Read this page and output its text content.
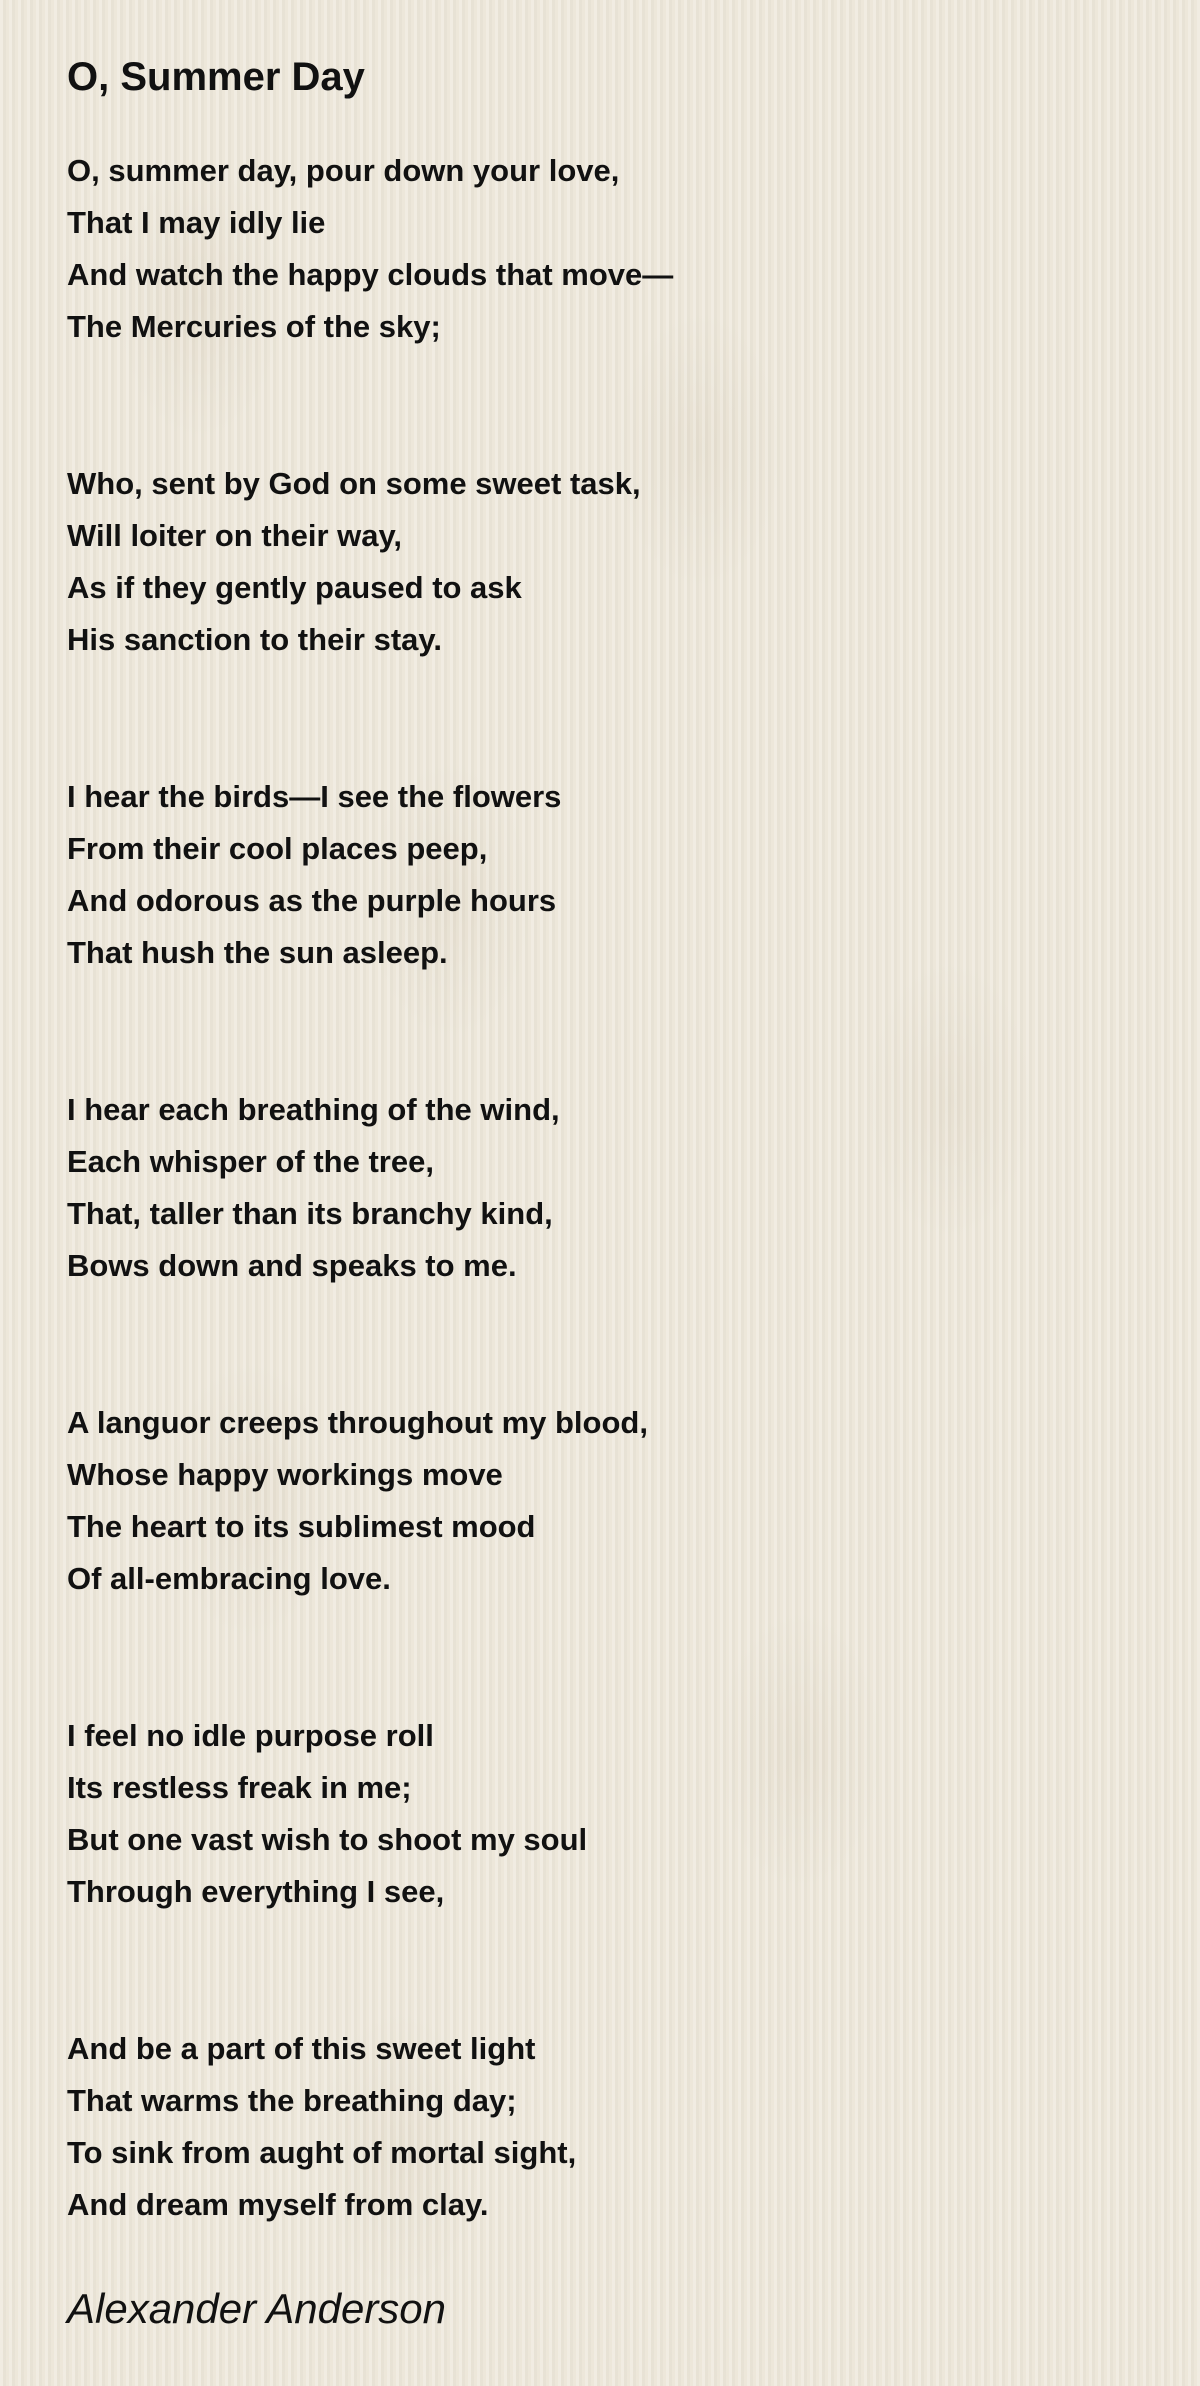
O, Summer Day
O, summer day, pour down your love,
That I may idly lie
And watch the happy clouds that move—
The Mercuries of the sky;
Who, sent by God on some sweet task,
Will loiter on their way,
As if they gently paused to ask
His sanction to their stay.
I hear the birds—I see the flowers
From their cool places peep,
And odorous as the purple hours
That hush the sun asleep.
I hear each breathing of the wind,
Each whisper of the tree,
That, taller than its branchy kind,
Bows down and speaks to me.
A languor creeps throughout my blood,
Whose happy workings move
The heart to its sublimest mood
Of all-embracing love.
I feel no idle purpose roll
Its restless freak in me;
But one vast wish to shoot my soul
Through everything I see,
And be a part of this sweet light
That warms the breathing day;
To sink from aught of mortal sight,
And dream myself from clay.
Alexander Anderson
